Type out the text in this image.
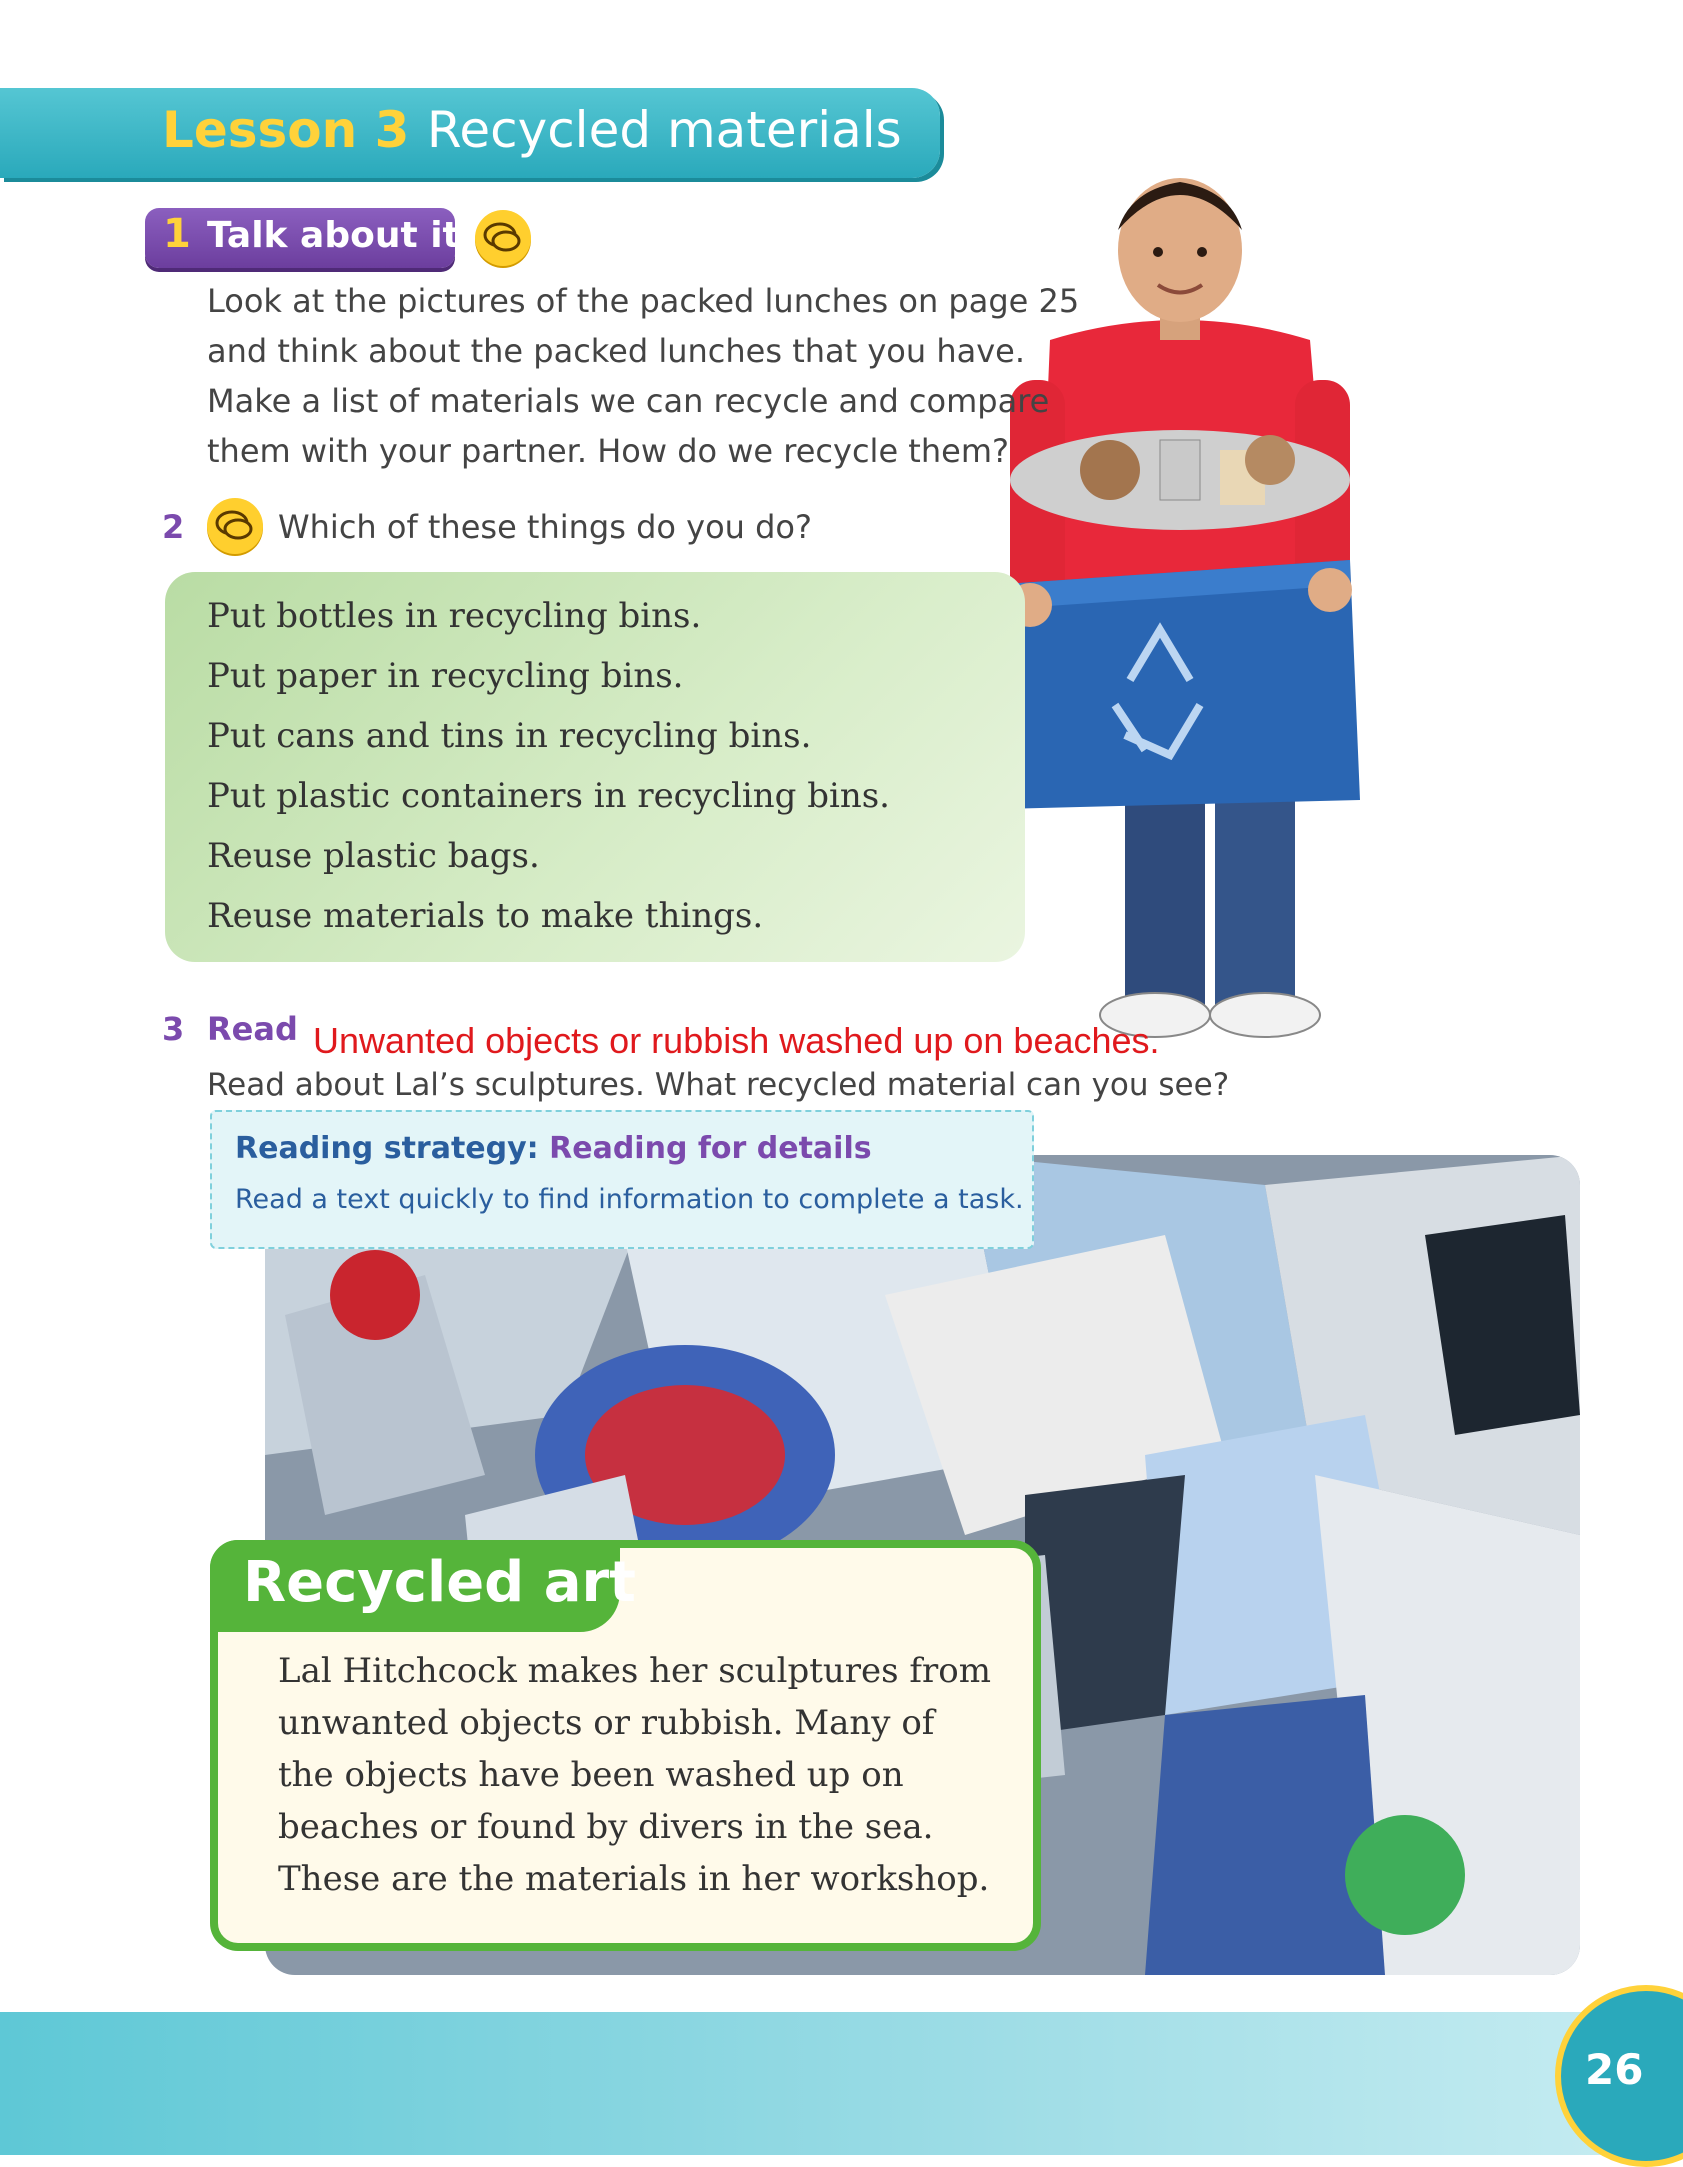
Lesson 3 Recycled materials
1 Talk about it
Look at the pictures of the packed lunches on page 25
and think about the packed lunches that you have.
Make a list of materials we can recycle and compare
them with your partner. How do we recycle them?
2	Which of these things do you do?
Put bottles in recycling bins.
Put paper in recycling bins.
Put cans and tins in recycling bins.
Put plastic containers in recycling bins.
Reuse plastic bags.
Reuse materials to make things.
3 Read Unwanted objects or rubbish washed up on beaches.
Read about Lal’s sculptures. What recycled material can you see?
Reading strategy: Reading for details
Read a text quickly to find information to complete a task.
Recycled art
Lal Hitchcock makes her sculptures from unwanted objects or rubbish. Many of the objects have been washed up on beaches or found by divers in the sea. These are the materials in her workshop.
26
